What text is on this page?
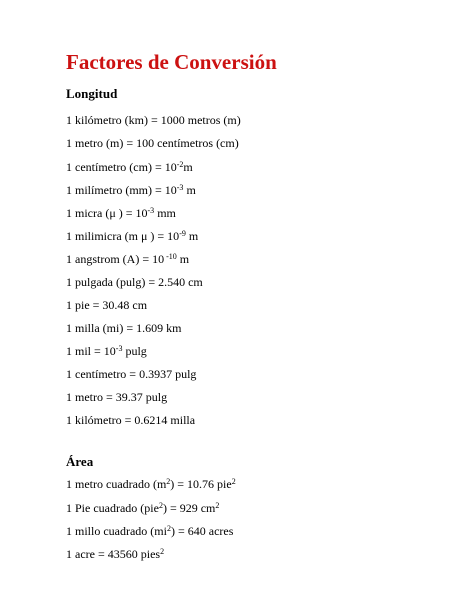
Factores de Conversión
Longitud
1 kilómetro (km) = 1000 metros (m)
1 metro (m) = 100 centímetros (cm)
1 centímetro $(cm) = 10^{-2}m$
1 milímetro $(mm) = 10^{-3}$ m
1 micra (μ ) = $10^{-3}$ mm
1 milimicra (m μ ) = $10^{-9}$ m
1 angstrom (A) = 10 $^{-10}$ m
1 pulgada (pulg) = 2.540 cm
1 pie = 30.48 cm
1 milla (mi) = 1.609 km
1 mil = $10^{-3}$ pulg
1 centímetro = 0.3937 pulg
1 metro = 39.37 pulg
1 kilómetro = 0.6214 milla
Área
1 metro cuadrado $(m^2) = 10.76$ pie$^2$
1 Pie cuadrado (pie$^2$) = 929 $cm^2$
1 millo cuadrado $(mi^2) = 640$ acres
1 acre = 43560 pies$^2$
